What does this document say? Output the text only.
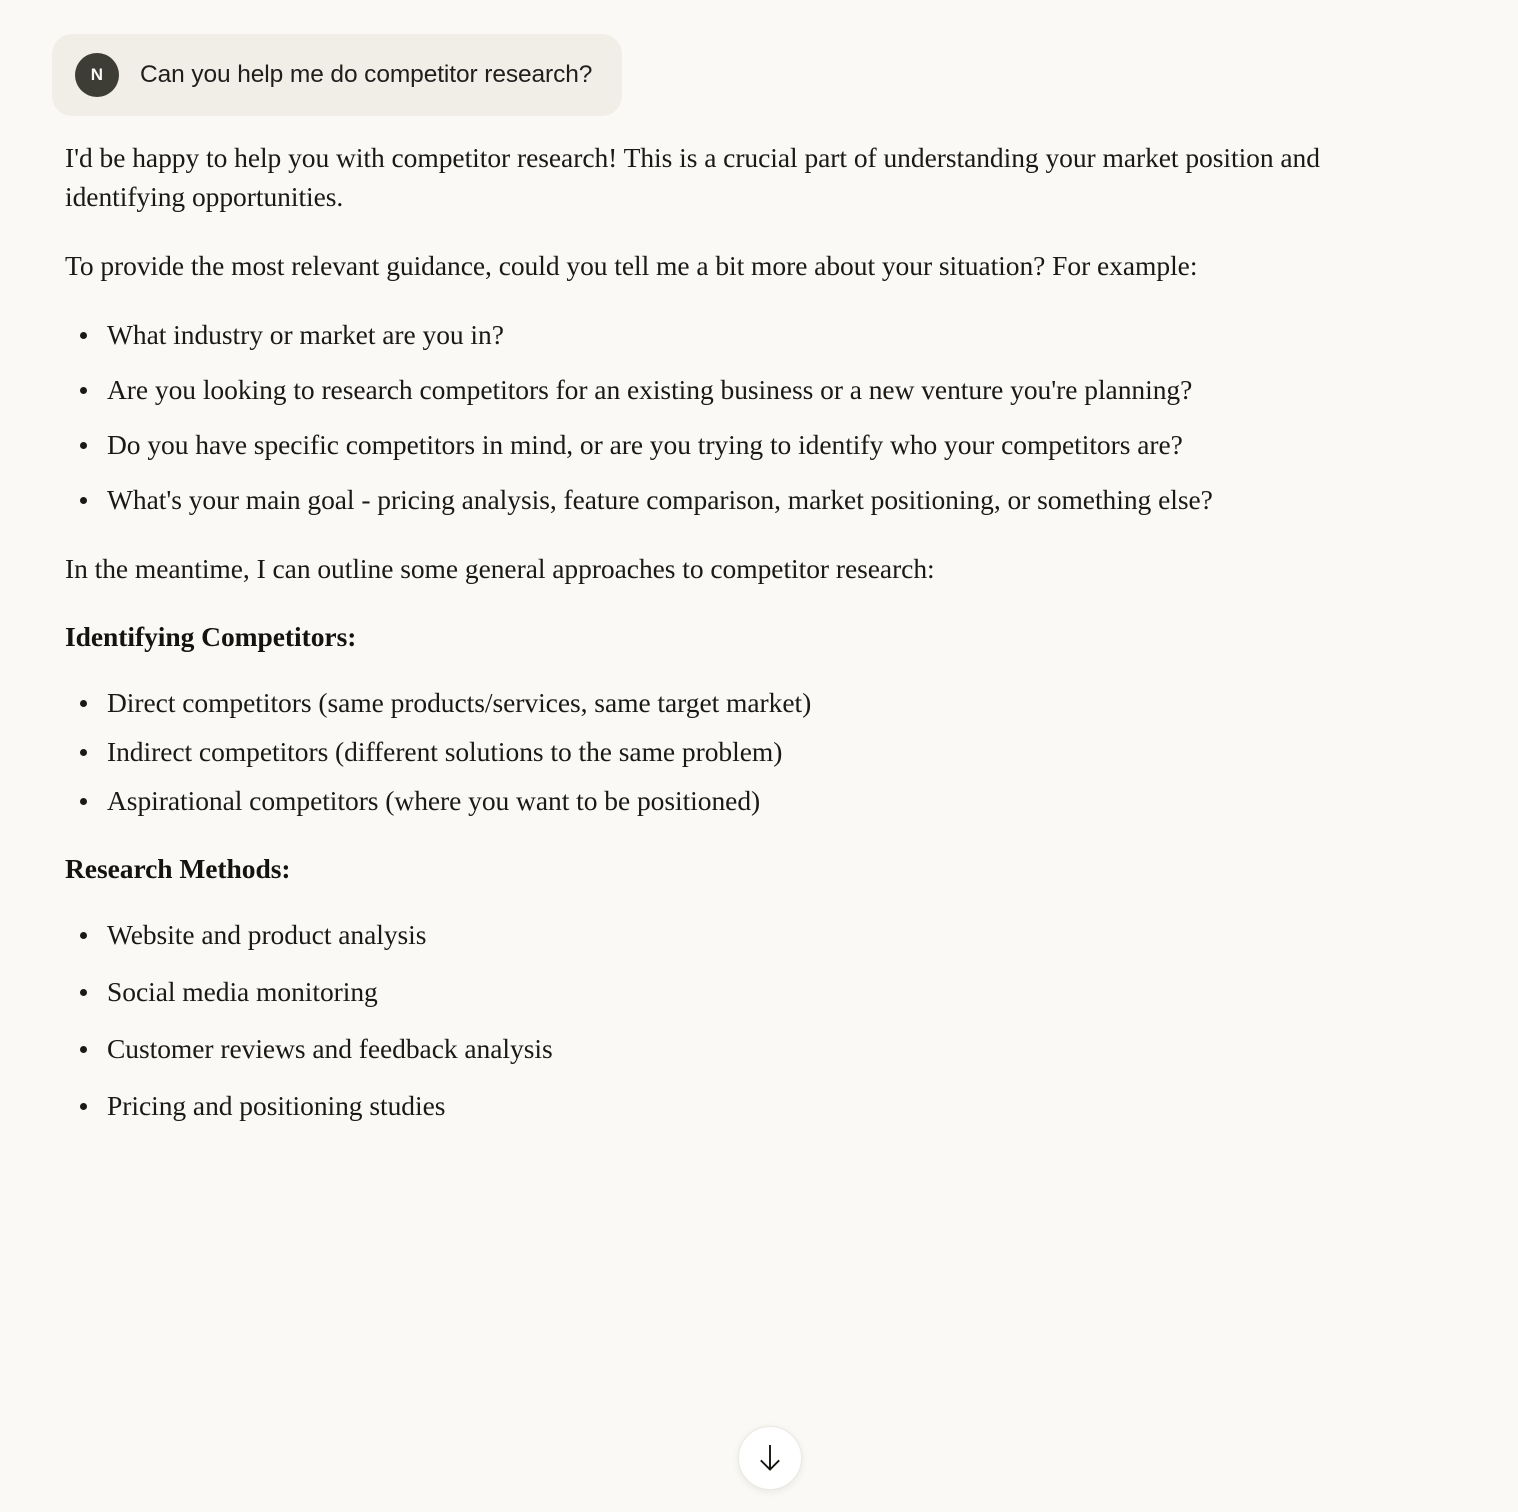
N Can you help me do competitor research?

I'd be happy to help you with competitor research! This is a crucial part of understanding your market position and identifying opportunities.

To provide the most relevant guidance, could you tell me a bit more about your situation? For example:

What industry or market are you in?
Are you looking to research competitors for an existing business or a new venture you're planning?
Do you have specific competitors in mind, or are you trying to identify who your competitors are?
What's your main goal - pricing analysis, feature comparison, market positioning, or something else?

In the meantime, I can outline some general approaches to competitor research:

Identifying Competitors:
Direct competitors (same products/services, same target market)
Indirect competitors (different solutions to the same problem)
Aspirational competitors (where you want to be positioned)
Research Methods:
Website and product analysis
Social media monitoring
Customer reviews and feedback analysis
Pricing and positioning studies
